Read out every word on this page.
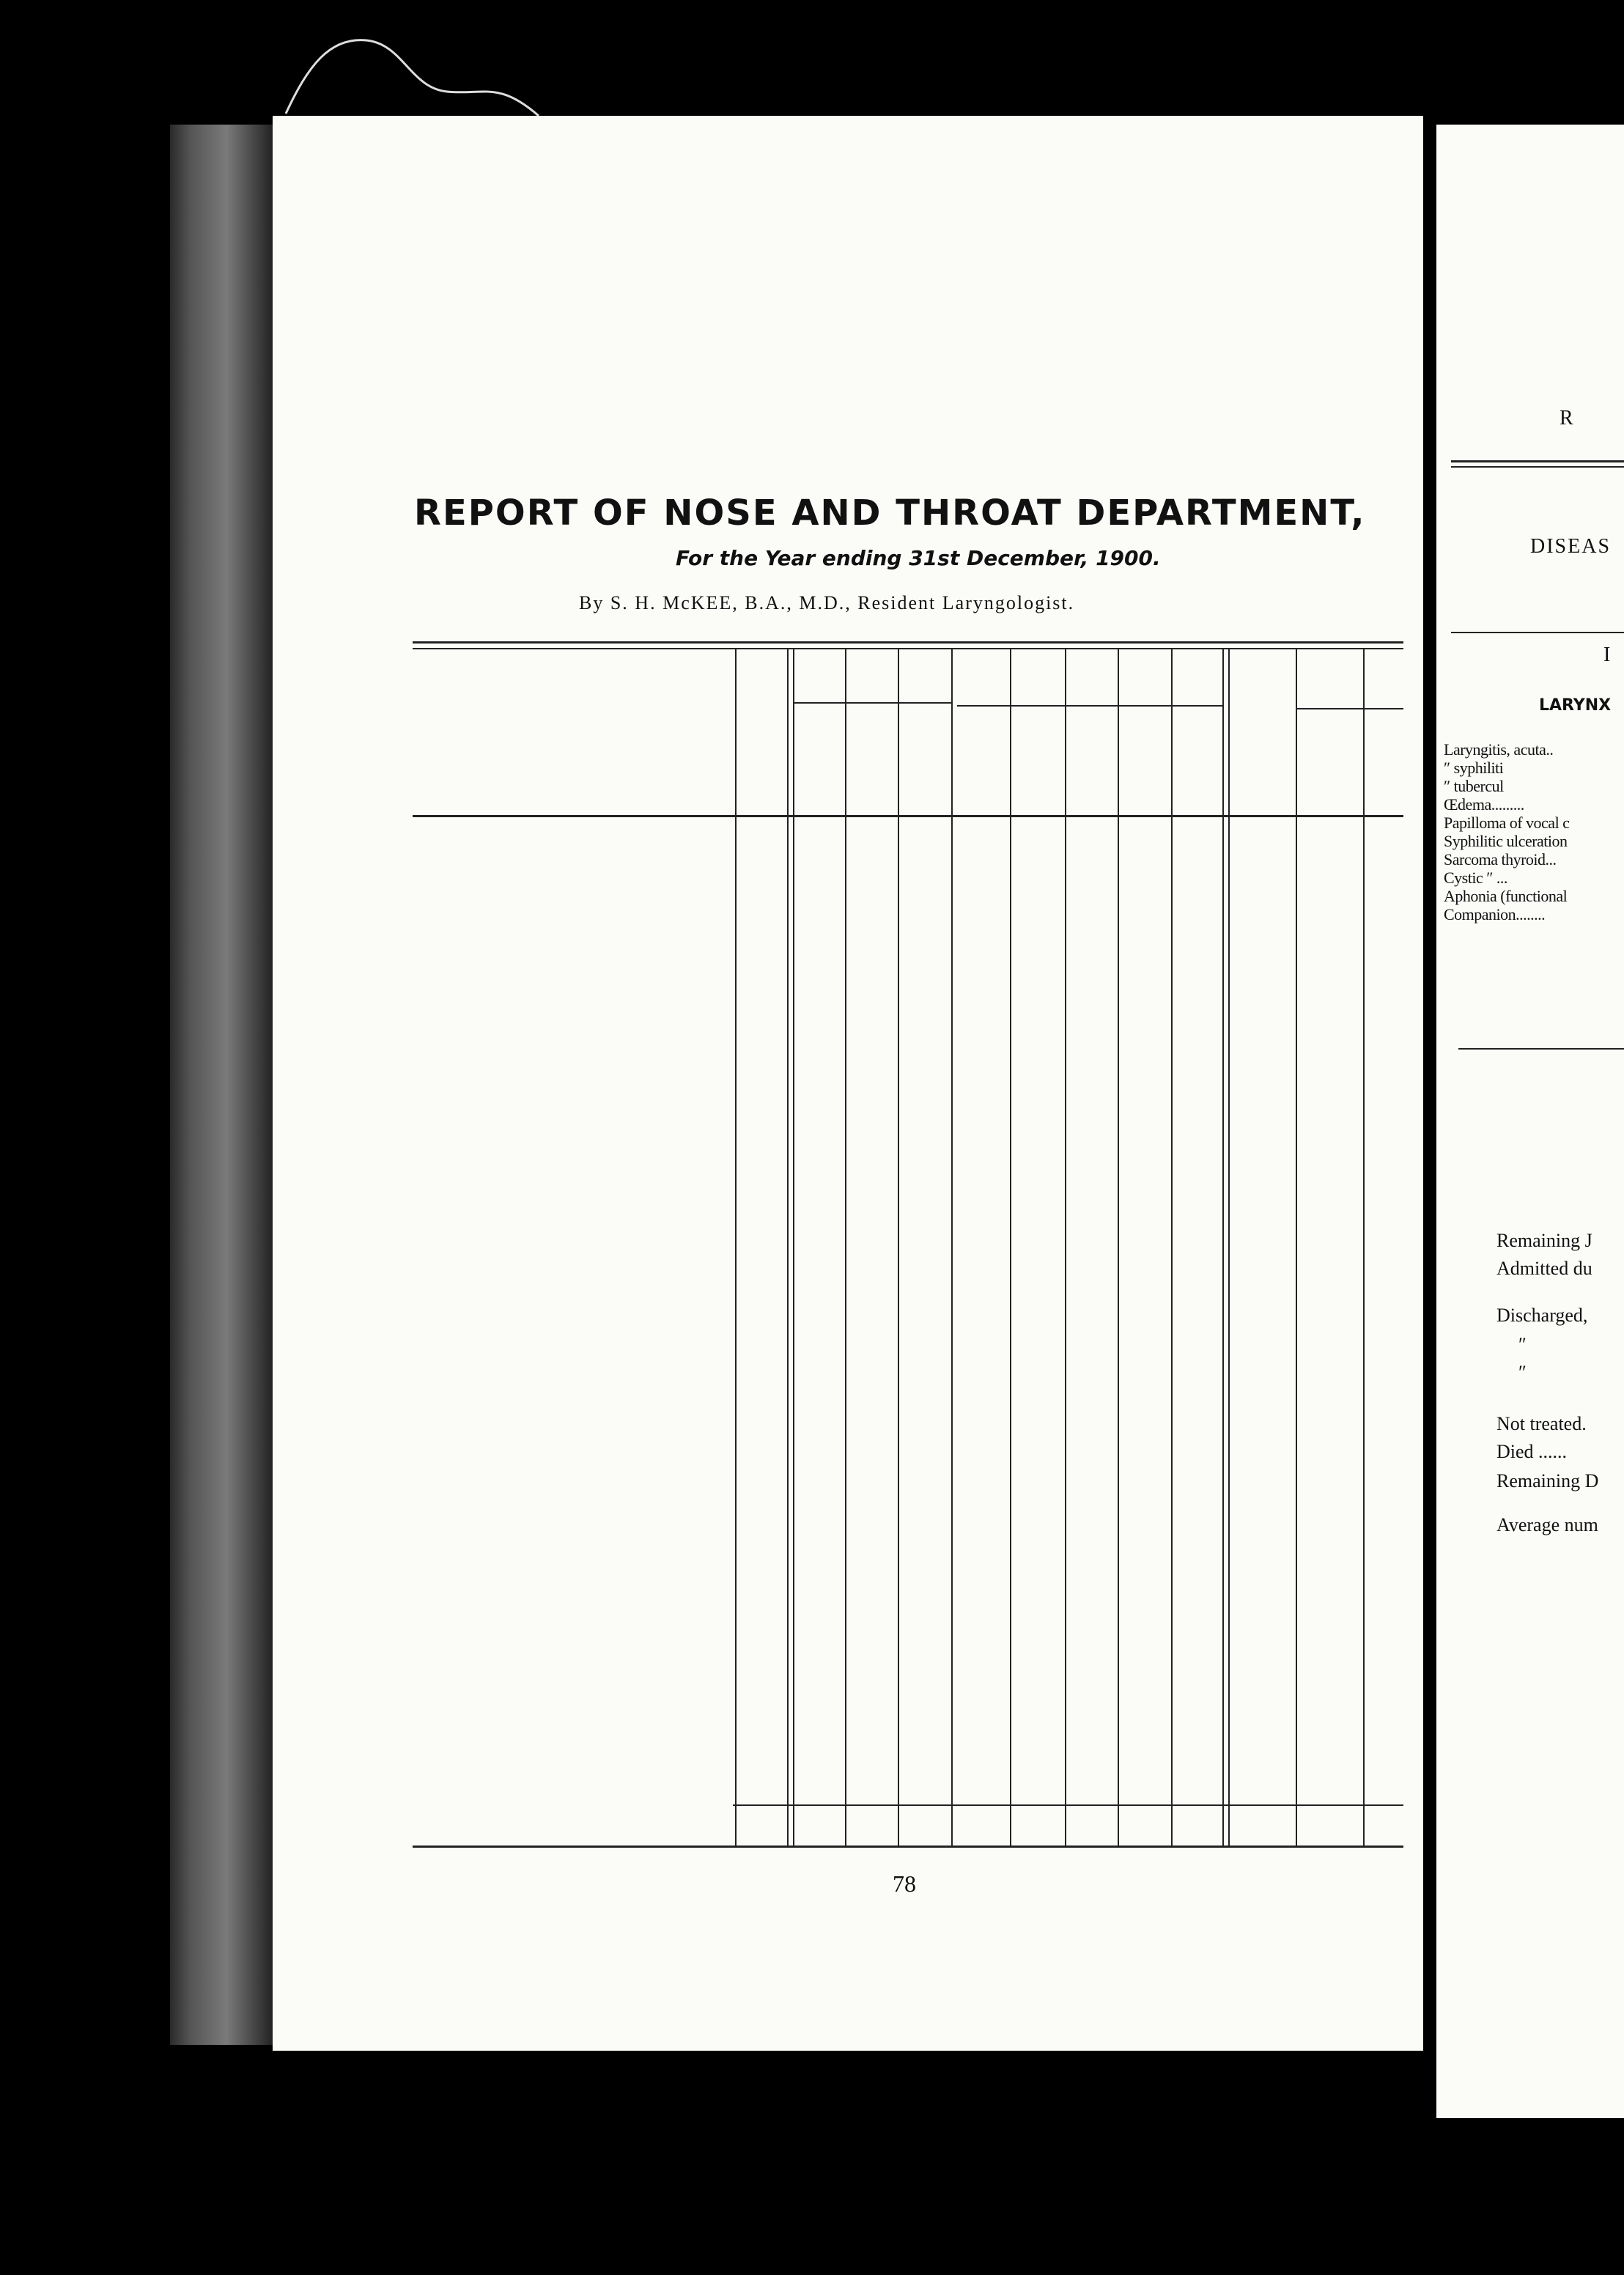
REPORT OF NOSE AND THROAT DEPARTMENT,
For the Year ending 31st December, 1900.
By S. H. McKEE, B.A., M.D., Resident Laryngologist.
78
R
DISEAS
I
LARYNX
Laryngitis, acuta..
″ syphiliti
″ tubercul
Œdema.........
Papilloma of vocal c
Syphilitic ulceration
Sarcoma thyroid...
Cystic ″ ...
Aphonia (functional
Companion........
Remaining J
Admitted du
Discharged,
″
″
Not treated.
Died ......
Remaining D
Average num
